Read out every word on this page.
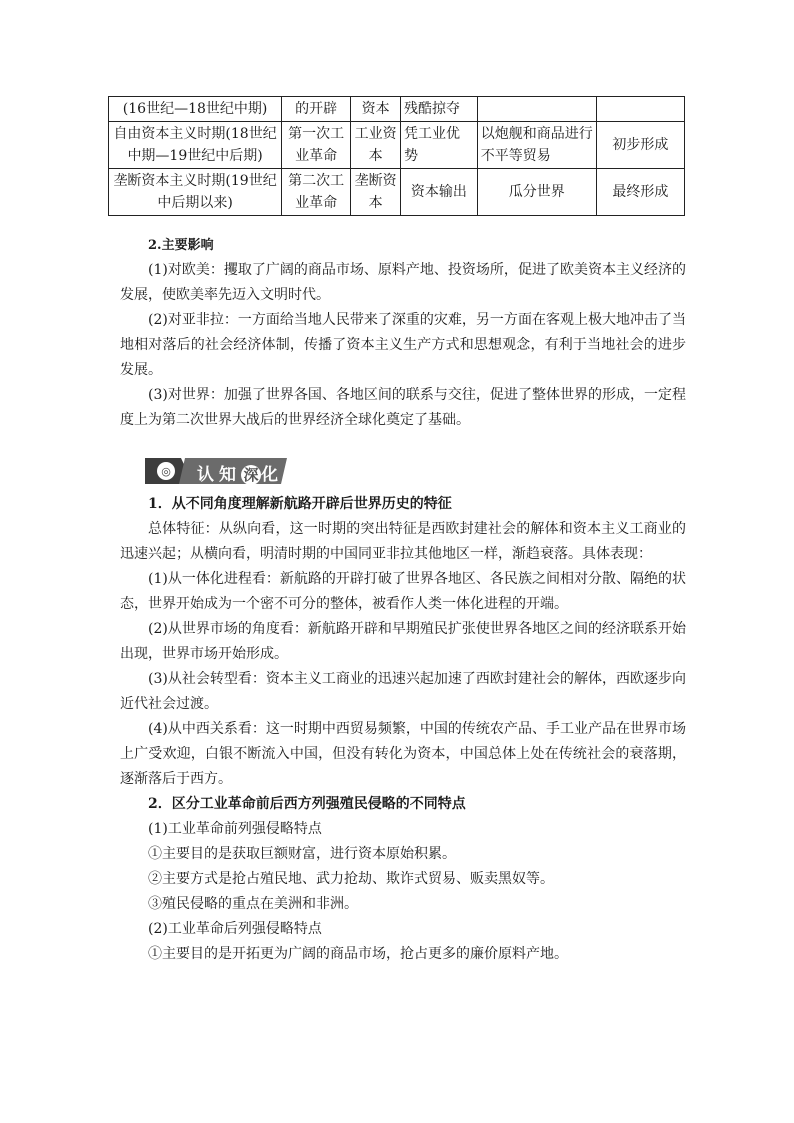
(16世纪—18世纪中期)	的开辟	资本	残酷掠夺		
自由资本主义时期(18世纪中期—19世纪中后期)	第一次工业革命	工业资本	凭工业优势	以炮舰和商品进行不平等贸易	初步形成
垄断资本主义时期(19世纪中后期以来)	第二次工业革命	垄断资本	资本输出	瓜分世界	最终形成

2.主要影响

(1)对欧美：攫取了广阔的商品市场、原料产地、投资场所，促进了欧美资本主义经济的发展，使欧美率先迈入文明时代。

(2)对亚非拉：一方面给当地人民带来了深重的灾难，另一方面在客观上极大地冲击了当地相对落后的社会经济体制，传播了资本主义生产方式和思想观念，有利于当地社会的进步发展。

(3)对世界：加强了世界各国、各地区间的联系与交往，促进了整体世界的形成，一定程度上为第二次世界大战后的世界经济全球化奠定了基础。

◎ 认知 深 化

1．从不同角度理解新航路开辟后世界历史的特征

总体特征：从纵向看，这一时期的突出特征是西欧封建社会的解体和资本主义工商业的迅速兴起；从横向看，明清时期的中国同亚非拉其他地区一样，渐趋衰落。具体表现：

(1)从一体化进程看：新航路的开辟打破了世界各地区、各民族之间相对分散、隔绝的状态，世界开始成为一个密不可分的整体，被看作人类一体化进程的开端。

(2)从世界市场的角度看：新航路开辟和早期殖民扩张使世界各地区之间的经济联系开始出现，世界市场开始形成。

(3)从社会转型看：资本主义工商业的迅速兴起加速了西欧封建社会的解体，西欧逐步向近代社会过渡。

(4)从中西关系看：这一时期中西贸易频繁，中国的传统农产品、手工业产品在世界市场上广受欢迎，白银不断流入中国，但没有转化为资本，中国总体上处在传统社会的衰落期，逐渐落后于西方。

2．区分工业革命前后西方列强殖民侵略的不同特点

(1)工业革命前列强侵略特点

①主要目的是获取巨额财富，进行资本原始积累。

②主要方式是抢占殖民地、武力抢劫、欺诈式贸易、贩卖黑奴等。

③殖民侵略的重点在美洲和非洲。

(2)工业革命后列强侵略特点

①主要目的是开拓更为广阔的商品市场，抢占更多的廉价原料产地。
